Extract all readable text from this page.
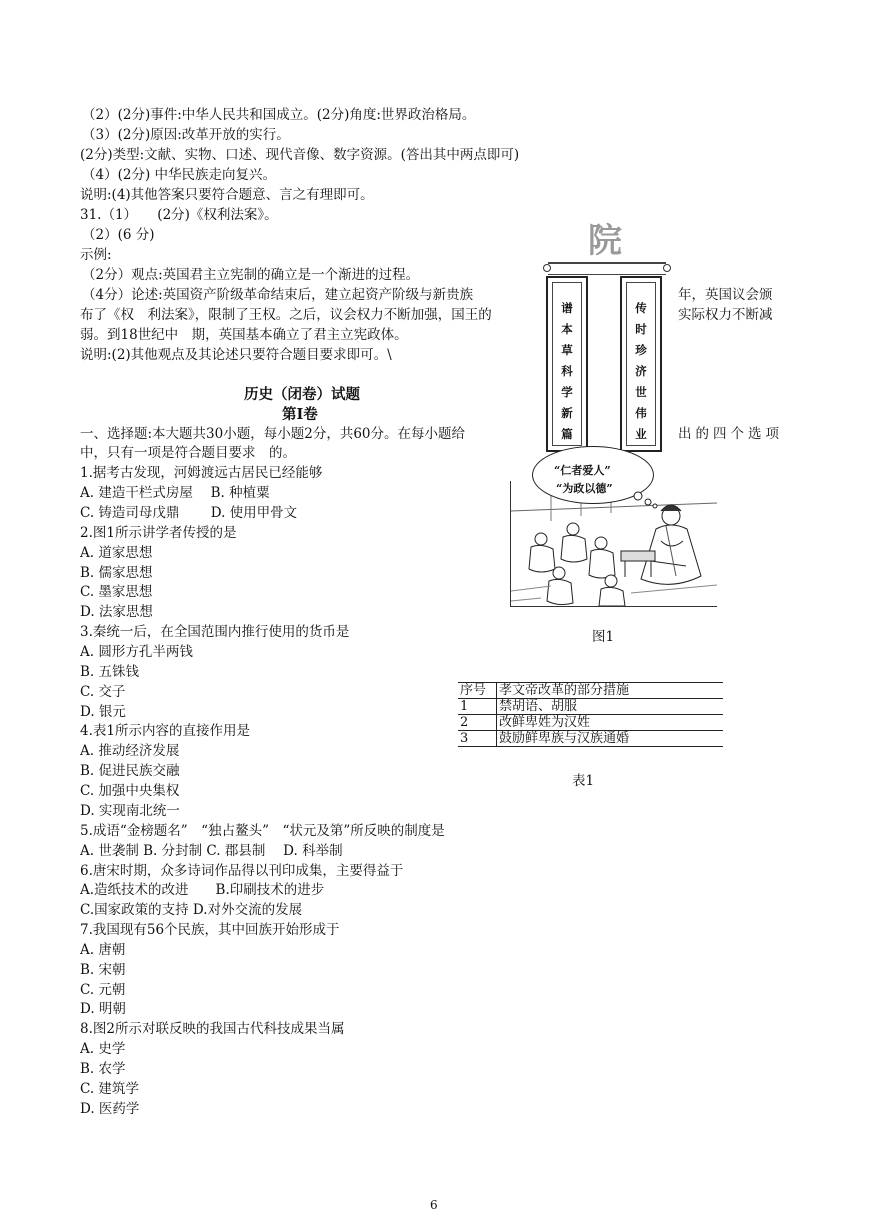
（2）(2分)事件:中华人民共和国成立。(2分)角度:世界政治格局。
（3）(2分)原因:改革开放的实行。
(2分)类型:文献、实物、口述、现代音像、数字资源。(答出其中两点即可)
（4）(2分) 中华民族走向复兴。
说明:(4)其他答案只要符合题意、言之有理即可。
31.（1）　　(2分)《权利法案》。
（2）(6 分)
示例:
（2分）观点:英国君主立宪制的确立是一个渐进的过程。
（4分）论述:英国资产阶级革命结束后，建立起资产阶级与新贵族	年，英国议会颁
布了《权　利法案》，限制了王权。之后，议会权力不断加强，国王的	实际权力不断减
弱。到18世纪中　期，英国基本确立了君主立宪政体。
说明:(2)其他观点及其论述只要符合题目要求即可。\
历史（闭卷）试题
第Ⅰ卷
一、选择题:本大题共30小题，每小题2分，共60分。在每小题给	出的四个选项
中，只有一项是符合题目要求　的。
1.据考古发现，河姆渡远古居民已经能够
A. 建造干栏式房屋　 B. 种植粟
C. 铸造司母戊鼎　　 D. 使用甲骨文
2.图1所示讲学者传授的是
A. 道家思想
B. 儒家思想
C. 墨家思想
D. 法家思想
3.秦统一后，在全国范围内推行使用的货币是
A. 圆形方孔半两钱
B. 五铢钱
C. 交子
D. 银元
4.表1所示内容的直接作用是
A. 推动经济发展
B. 促进民族交融
C. 加强中央集权
D. 实现南北统一
5.成语“金榜题名”　“独占鳌头”　“状元及第”所反映的制度是
A. 世袭制 B. 分封制 C. 郡县制　 D. 科举制
6.唐宋时期，众多诗词作品得以刊印成集，主要得益于
A.造纸技术的改进　　B.印刷技术的进步
C.国家政策的支持 D.对外交流的发展
7.我国现有56个民族，其中回族开始形成于
A. 唐朝
B. 宋朝
C. 元朝
D. 明朝
8.图2所示对联反映的我国古代科技成果当属
A. 史学
B. 农学
C. 建筑学
D. 医药学
院
谱
本
草
科
学
新
篇
传
时
珍
济
世
伟
业
“仁者爱人”
“为政以德”
图1
序号	孝文帝改革的部分措施
1	禁胡语、胡服
2	改鲜卑姓为汉姓
3	鼓励鲜卑族与汉族通婚
表1
6
